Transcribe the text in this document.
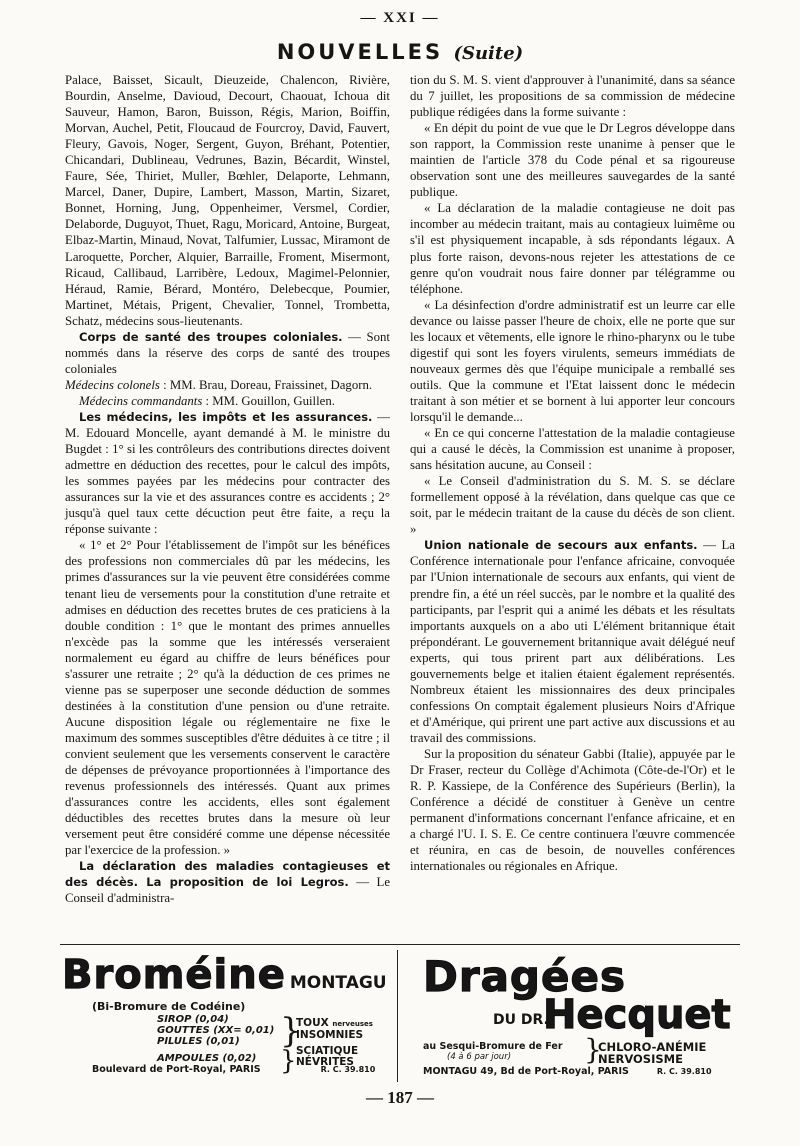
— XXI —
NOUVELLES (Suite)

Palace, Baisset, Sicault, Dieuzeide, Chalencon, Rivière, Bourdin, Anselme, Davioud, Decourt, Chaouat, Ichoua dit Sauveur, Hamon, Baron, Buisson, Régis, Marion, Boiffin, Morvan, Auchel, Petit, Floucaud de Fourcroy, David, Fauvert, Fleury, Gavois, Noger, Sergent, Guyon, Bréhant, Potentier, Chicandari, Dublineau, Vedrunes, Bazin, Bécardit, Winstel, Faure, Sée, Thiriet, Muller, Bœhler, Delaporte, Lehmann, Marcel, Daner, Dupire, Lambert, Masson, Martin, Sizaret, Bonnet, Horning, Jung, Oppenheimer, Versmel, Cordier, Delaborde, Duguyot, Thuet, Ragu, Moricard, Antoine, Burgeat, Elbaz-Martin, Minaud, Novat, Talfumier, Lussac, Miramont de Laroquette, Porcher, Alquier, Barraille, Froment, Misermont, Ricaud, Callibaud, Larribère, Ledoux, Magimel-Pelonnier, Héraud, Ramie, Bérard, Montéro, Delebecque, Poumier, Martinet, Métais, Prigent, Chevalier, Tonnel, Trombetta, Schatz, médecins sous-lieutenants.

Corps de santé des troupes coloniales. — Sont nommés dans la réserve des corps de santé des troupes coloniales

Médecins colonels : MM. Brau, Doreau, Fraissinet, Dagorn.

Médecins commandants : MM. Gouillon, Guillen.

Les médecins, les impôts et les assurances. — M. Edouard Moncelle, ayant demandé à M. le ministre du Bugdet : 1° si les contrôleurs des contributions directes doivent admettre en déduction des recettes, pour le calcul des impôts, les sommes payées par les médecins pour contracter des assurances sur la vie et des assurances contre es accidents ; 2° jusqu'à quel taux cette décuction peut être faite, a reçu la réponse suivante :

« 1° et 2° Pour l'établissement de l'impôt sur les bénéfices des professions non commerciales dû par les médecins, les primes d'assurances sur la vie peuvent être considérées comme tenant lieu de versements pour la constitution d'une retraite et admises en déduction des recettes brutes de ces praticiens à la double condition : 1° que le montant des primes annuelles n'excède pas la somme que les intéressés verseraient normalement eu égard au chiffre de leurs bénéfices pour s'assurer une retraite ; 2° qu'à la déduction de ces primes ne vienne pas se superposer une seconde déduction de sommes destinées à la constitution d'une pension ou d'une retraite. Aucune disposition légale ou réglementaire ne fixe le maximum des sommes susceptibles d'être déduites à ce titre ; il convient seulement que les versements conservent le caractère de dépenses de prévoyance proportionnées à l'importance des revenus professionnels des intéressés. Quant aux primes d'assurances contre les accidents, elles sont également déductibles des recettes brutes dans la mesure où leur versement peut être considéré comme une dépense nécessitée par l'exercice de la profession. »

La déclaration des maladies contagieuses et des décès. La proposition de loi Legros. — Le Conseil d'administra-

tion du S. M. S. vient d'approuver à l'unanimité, dans sa séance du 7 juillet, les propositions de sa commission de médecine publique rédigées dans la forme suivante :

« En dépit du point de vue que le Dr Legros développe dans son rapport, la Commission reste unanime à penser que le maintien de l'article 378 du Code pénal et sa rigoureuse observation sont une des meilleures sauvegardes de la santé publique.

« La déclaration de la maladie contagieuse ne doit pas incomber au médecin traitant, mais au contagieux luimême ou s'il est physiquement incapable, à sds répondants légaux. A plus forte raison, devons-nous rejeter les attestations de ce genre qu'on voudrait nous faire donner par télégramme ou téléphone.

« La désinfection d'ordre administratif est un leurre car elle devance ou laisse passer l'heure de choix, elle ne porte que sur les locaux et vêtements, elle ignore le rhino-pharynx ou le tube digestif qui sont les foyers virulents, semeurs immédiats de nouveaux germes dès que l'équipe municipale a remballé ses outils. Que la commune et l'Etat laissent donc le médecin traitant à son métier et se bornent à lui apporter leur concours lorsqu'il le demande...

« En ce qui concerne l'attestation de la maladie contagieuse qui a causé le décès, la Commission est unanime à proposer, sans hésitation aucune, au Conseil :

« Le Conseil d'administration du S. M. S. se déclare formellement opposé à la révélation, dans quelque cas que ce soit, par le médecin traitant de la cause du décès de son client. »

Union nationale de secours aux enfants. — La Conférence internationale pour l'enfance africaine, convoquée par l'Union internationale de secours aux enfants, qui vient de prendre fin, a été un réel succès, par le nombre et la qualité des participants, par l'esprit qui a animé les débats et les résultats importants auxquels on a abo uti L'élément britannique était prépondérant. Le gouvernement britannique avait délégué neuf experts, qui tous prirent part aux délibérations. Les gouvernements belge et italien étaient également représentés. Nombreux étaient les missionnaires des deux principales confessions On comptait également plusieurs Noirs d'Afrique et d'Amérique, qui prirent une part active aux discussions et au travail des commissions.

Sur la proposition du sénateur Gabbi (Italie), appuyée par le Dr Fraser, recteur du Collège d'Achimota (Côte-de-l'Or) et le R. P. Kassiepe, de la Conférence des Supérieurs (Berlin), la Conférence a décidé de constituer à Genève un centre permanent d'informations concernant l'enfance africaine, et en a chargé l'U. I. S. E. Ce centre continuera l'œuvre commencée et réunira, en cas de besoin, de nouvelles conférences internationales ou régionales en Afrique.

Broméine MONTAGU
(Bi-Bromure de Codéine)
SIROP (0,04)
GOUTTES (XX= 0,01)
PILULES (0,01)
AMPOULES (0,02)
}
}
TOUX nerveuses
INSOMNIES
SCIATIQUE
NÉVRITES
Boulevard de Port-Royal, PARIS	R. C. 39.810
Dragées
DU DR.
Hecquet
au Sesqui-Bromure de Fer
(4 à 6 par jour)	}
CHLORO-ANÉMIE
NERVOSISME
MONTAGU 49, Bd de Port-Royal, PARIS	R. C. 39.810
— 187 —
